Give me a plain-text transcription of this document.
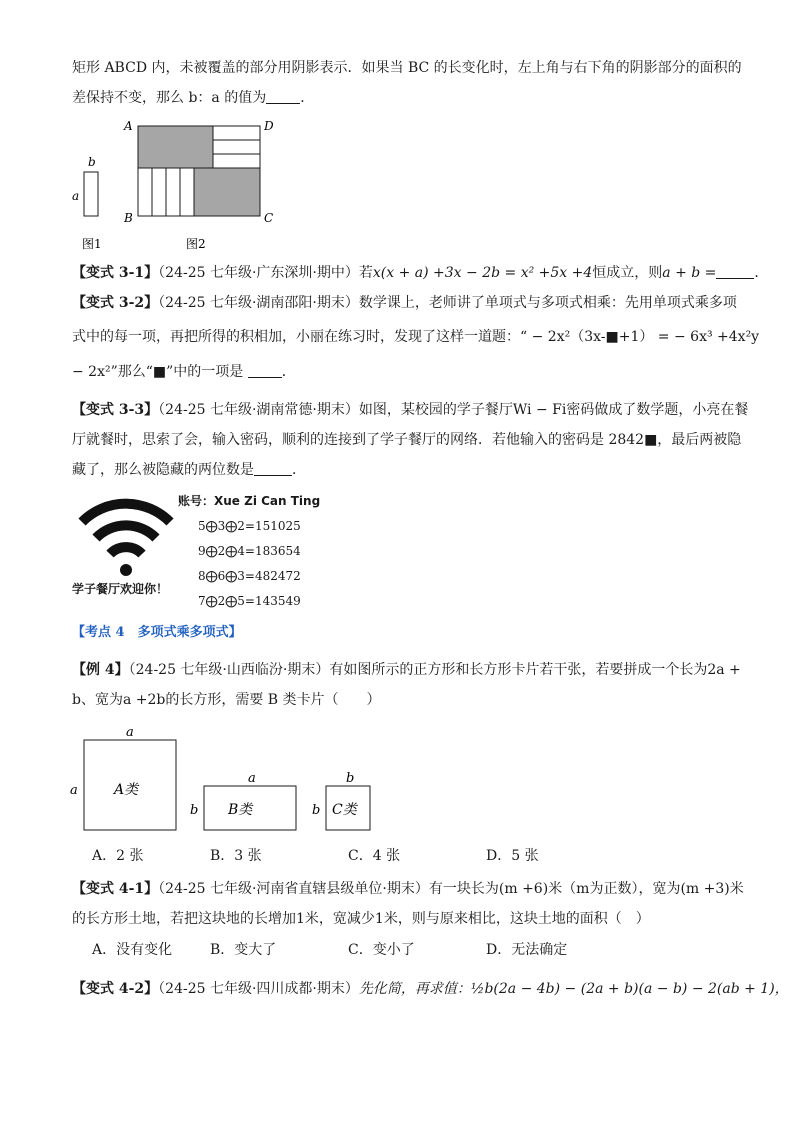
矩形 ABCD 内，未被覆盖的部分用阴影表示．如果当 BC 的长变化时，左上角与右下角的阴影部分的面积的
差保持不变，那么 b：a 的值为 ．
b
a
图1
A	D
B	C
图2
【变式 3-1】（24-25 七年级·广东深圳·期中）若x(x + a) +3x − 2b = x² +5x +4恒成立，则a + b =	．
【变式 3-2】（24-25 七年级·湖南邵阳·期末）数学课上，老师讲了单项式与多项式相乘：先用单项式乘多项
式中的每一项，再把所得的积相加，小丽在练习时，发现了这样一道题：“ − 2x²（3x-■+1） = − 6x³ +4x²y
− 2x²”那么“■”中的一项是	．
【变式 3-3】（24-25 七年级·湖南常德·期末）如图，某校园的学子餐厅Wi − Fi密码做成了数学题，小亮在餐
厅就餐时，思索了会，输入密码，顺利的连接到了学子餐厅的网络．若他输入的密码是 2842■，最后两被隐
藏了，那么被隐藏的两位数是	．
学子餐厅欢迎你！
账号：Xue Zi Can Ting
5⨁3⨁2=151025
9⨁2⨁4=183654
8⨁6⨁3=482472
7⨁2⨁5=143549
【考点 4　多项式乘多项式】
【例 4】（24-25 七年级·山西临汾·期末）有如图所示的正方形和长方形卡片若干张，若要拼成一个长为2a +
b、宽为a +2b的长方形，需要 B 类卡片（　　）
a
a	A类
a
b B类
b
b C类
A．2 张	B．3 张	C．4 张	D．5 张
【变式 4-1】（24-25 七年级·河南省直辖县级单位·期末）有一块长为(m +6)米（m为正数），宽为(m +3)米
的长方形土地，若把这块地的长增加1米，宽减少1米，则与原来相比，这块土地的面积（　）
A．没有变化	B．变大了	C．变小了	D．无法确定
【变式 4-2】（24-25 七年级·四川成都·期末）先化简，再求值：½b(2a − 4b) − (2a + b)(a − b) − 2(ab + 1)，
